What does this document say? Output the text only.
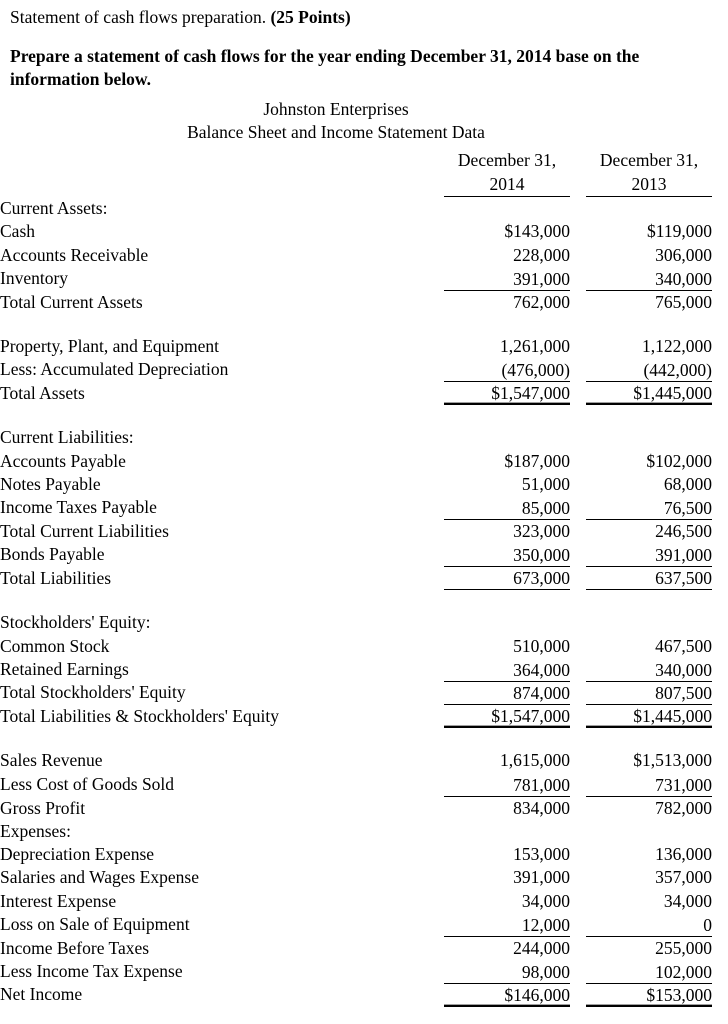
Statement of cash flows preparation. (25 Points)
Prepare a statement of cash flows for the year ending December 31, 2014 base on the information below.
Johnston Enterprises
Balance Sheet and Income Statement Data
	December 31,		December 31,	
	2014		2013	
Current Assets:				
Cash	$143,000		$119,000	
Accounts Receivable	228,000		306,000	
Inventory	391,000		340,000	
Total Current Assets	762,000		765,000	

Property, Plant, and Equipment	1,261,000		1,122,000	
Less: Accumulated Depreciation	(476,000)		(442,000)	
Total Assets	$1,547,000		$1,445,000	

Current Liabilities:				
Accounts Payable	$187,000		$102,000	
Notes Payable	51,000		68,000	
Income Taxes Payable	85,000		76,500	
Total Current Liabilities	323,000		246,500	
Bonds Payable	350,000		391,000	
Total Liabilities	673,000		637,500	

Stockholders' Equity:				
Common Stock	510,000		467,500	
Retained Earnings	364,000		340,000	
Total Stockholders' Equity	874,000		807,500	
Total Liabilities & Stockholders' Equity	$1,547,000		$1,445,000	

Sales Revenue	1,615,000		$1,513,000	
Less Cost of Goods Sold	781,000		731,000	
Gross Profit	834,000		782,000	
Expenses:				
Depreciation Expense	153,000		136,000	
Salaries and Wages Expense	391,000		357,000	
Interest Expense	34,000		34,000	
Loss on Sale of Equipment	12,000		0	
Income Before Taxes	244,000		255,000	
Less Income Tax Expense	98,000		102,000	
Net Income	$146,000		$153,000	
